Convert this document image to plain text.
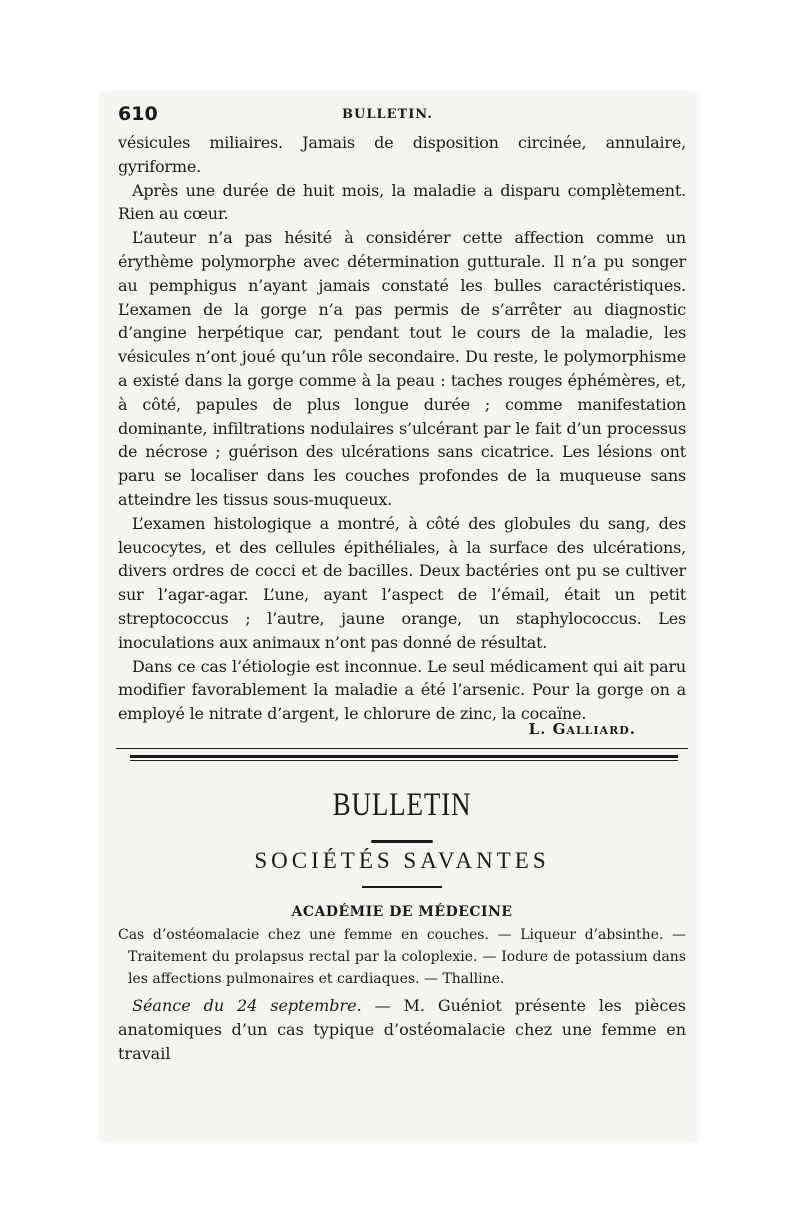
610	BULLETIN.

vésicules miliaires. Jamais de disposition circinée, annulaire, gyriforme.

Après une durée de huit mois, la maladie a disparu complètement. Rien au cœur.

L’auteur n’a pas hésité à considérer cette affection comme un érythème polymorphe avec détermination gutturale. Il n’a pu songer au pemphigus n’ayant jamais constaté les bulles caractéristiques. L’examen de la gorge n’a pas permis de s’arrêter au diagnostic d’angine herpétique car, pendant tout le cours de la maladie, les vésicules n’ont joué qu’un rôle secondaire. Du reste, le polymorphisme a existé dans la gorge comme à la peau : taches rouges éphémères, et, à côté, papules de plus longue durée ; comme manifestation dominante, infiltrations nodulaires s’ulcérant par le fait d’un processus de nécrose ; guérison des ulcérations sans cicatrice. Les lésions ont paru se localiser dans les couches profondes de la muqueuse sans atteindre les tissus sous-muqueux.

L’examen histologique a montré, à côté des globules du sang, des leucocytes, et des cellules épithéliales, à la surface des ulcérations, divers ordres de cocci et de bacilles. Deux bactéries ont pu se cultiver sur l’agar-agar. L’une, ayant l’aspect de l’émail, était un petit streptococcus ; l’autre, jaune orange, un staphylococcus. Les inoculations aux animaux n’ont pas donné de résultat.

Dans ce cas l’étiologie est inconnue. Le seul médicament qui ait paru modifier favorablement la maladie a été l’arsenic. Pour la gorge on a employé le nitrate d’argent, le chlorure de zinc, la cocaïne.

L. Galliard.
BULLETIN
SOCIÉTÉS SAVANTES
ACADÉMIE DE MÉDECINE

Cas d’ostéomalacie chez une femme en couches. — Liqueur d’absinthe. — Traitement du prolapsus rectal par la coloplexie. — Iodure de potassium dans les affections pulmonaires et cardiaques. — Thalline.

Séance du 24 septembre. — M. Guéniot présente les pièces anatomiques d’un cas typique d’ostéomalacie chez une femme en travail
